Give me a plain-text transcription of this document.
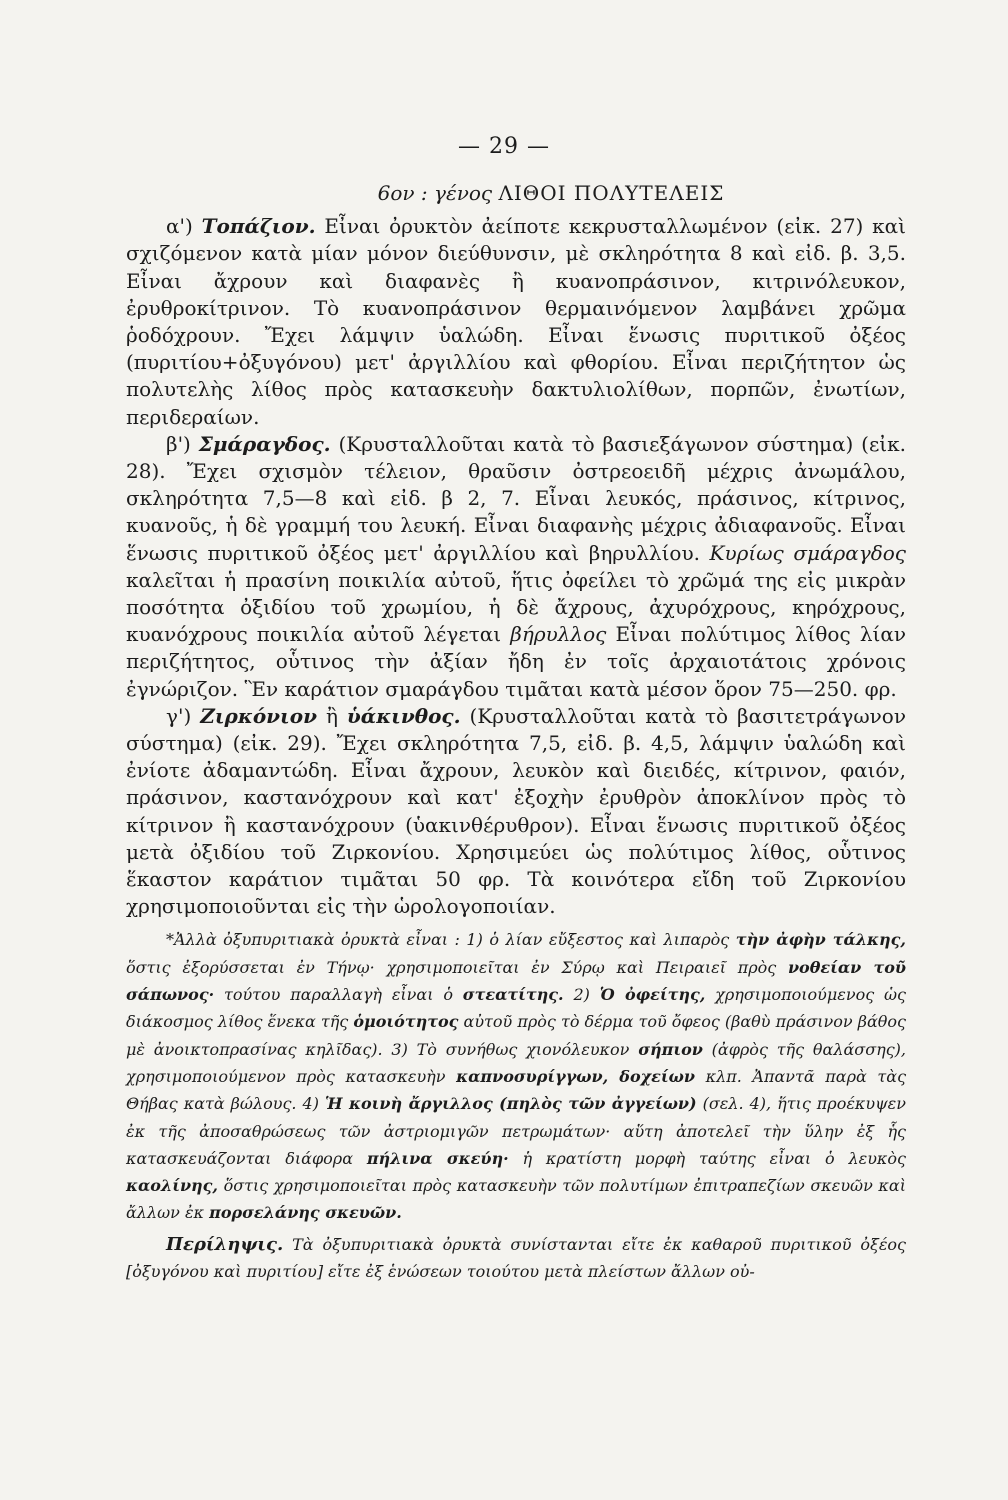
— 29 —
6ον : γένος ΛΙΘΟΙ ΠΟΛΥΤΕΛΕΙΣ

α') Τοπάζιον. Εἶναι ὀρυκτὸν ἀείποτε κεκρυσταλλωμένον (εἰκ. 27) καὶ σχιζόμενον κατὰ μίαν μόνον διεύθυνσιν, μὲ σκληρότητα 8 καὶ εἰδ. β. 3,5. Εἶναι ἄχρουν καὶ διαφανὲς ἢ κυανοπράσινον, κιτρινόλευκον, ἐρυθροκίτρινον. Τὸ κυανοπράσινον θερμαινόμενον λαμβάνει χρῶμα ῥοδόχρουν. Ἔχει λάμψιν ὑαλώδη. Εἶναι ἕνωσις πυριτικοῦ ὀξέος (πυριτίου+ὀξυγόνου) μετ' ἀργιλλίου καὶ φθορίου. Εἶναι περιζήτητον ὡς πολυτελὴς λίθος πρὸς κατασκευὴν δακτυλιολίθων, πορπῶν, ἐνωτίων, περιδεραίων.

β') Σμάραγδος. (Κρυσταλλοῦται κατὰ τὸ βασιεξάγωνον σύστημα) (εἰκ. 28). Ἔχει σχισμὸν τέλειον, θραῦσιν ὀστρεοειδῆ μέχρις ἀνωμάλου, σκληρότητα 7,5—8 καὶ εἰδ. β 2, 7. Εἶναι λευκός, πράσινος, κίτρινος, κυανοῦς, ἡ δὲ γραμμή του λευκή. Εἶναι διαφανὴς μέχρις ἀδιαφανοῦς. Εἶναι ἕνωσις πυριτικοῦ ὀξέος μετ' ἀργιλλίου καὶ βηρυλλίου. Κυρίως σμάραγδος καλεῖται ἡ πρασίνη ποικιλία αὐτοῦ, ἥτις ὀφείλει τὸ χρῶμά της εἰς μικρὰν ποσότητα ὀξιδίου τοῦ χρωμίου, ἡ δὲ ἄχρους, ἀχυρόχρους, κηρόχρους, κυανόχρους ποικιλία αὐτοῦ λέγεται βήρυλλος Εἶναι πολύτιμος λίθος λίαν περιζήτητος, οὗτινος τὴν ἀξίαν ἤδη ἐν τοῖς ἀρχαιοτάτοις χρόνοις ἐγνώριζον. Ἓν καράτιον σμαράγδου τιμᾶται κατὰ μέσον ὅρον 75—250. φρ.

γ') Ζιρκόνιον ἢ ὑάκινθος. (Κρυσταλλοῦται κατὰ τὸ βασιτετράγωνον σύστημα) (εἰκ. 29). Ἔχει σκληρότητα 7,5, εἰδ. β. 4,5, λάμψιν ὑαλώδη καὶ ἐνίοτε ἀδαμαντώδη. Εἶναι ἄχρουν, λευκὸν καὶ διειδές, κίτρινον, φαιόν, πράσινον, καστανόχρουν καὶ κατ' ἐξοχὴν ἐρυθρὸν ἀποκλίνον πρὸς τὸ κίτρινον ἢ καστανόχρουν (ὑακινθέρυθρον). Εἶναι ἕνωσις πυριτικοῦ ὀξέος μετὰ ὀξιδίου τοῦ Ζιρκονίου. Χρησιμεύει ὡς πολύτιμος λίθος, οὗτινος ἕκαστον καράτιον τιμᾶται 50 φρ. Τὰ κοινότερα εἴδη τοῦ Ζιρκονίου χρησιμοποιοῦνται εἰς τὴν ὡρολογοποιίαν.

*Ἀλλὰ ὀξυπυριτιακὰ ὀρυκτὰ εἶναι : 1) ὁ λίαν εὔξεστος καὶ λιπαρὸς τὴν ἀφὴν τάλκης, ὅστις ἐξορύσσεται ἐν Τήνῳ· χρησιμοποιεῖται ἐν Σύρῳ καὶ Πειραιεῖ πρὸς νοθείαν τοῦ σάπωνος· τούτου παραλλαγὴ εἶναι ὁ στεατίτης. 2) Ὁ ὀφείτης, χρησιμοποιούμενος ὡς διάκοσμος λίθος ἕνεκα τῆς ὁμοιότητος αὐτοῦ πρὸς τὸ δέρμα τοῦ ὄφεος (βαθὺ πράσινον βάθος μὲ ἀνοικτοπρασίνας κηλῖδας). 3) Τὸ συνήθως χιονόλευκον σήπιον (ἀφρὸς τῆς θαλάσσης), χρησιμοποιούμενον πρὸς κατασκευὴν καπνοσυρίγγων, δοχείων κλπ. Ἀπαντᾶ παρὰ τὰς Θήβας κατὰ βώλους. 4) Ἡ κοινὴ ἄργιλλος (πηλὸς τῶν ἀγγείων) (σελ. 4), ἥτις προέκυψεν ἐκ τῆς ἀποσαθρώσεως τῶν ἀστριομιγῶν πετρωμάτων· αὕτη ἀποτελεῖ τὴν ὕλην ἐξ ἧς κατασκευάζονται διάφορα πήλινα σκεύη· ἡ κρατίστη μορφὴ ταύτης εἶναι ὁ λευκὸς καολίνης, ὅστις χρησιμοποιεῖται πρὸς κατασκευὴν τῶν πολυτίμων ἐπιτραπεζίων σκευῶν καὶ ἄλλων ἐκ πορσελάνης σκευῶν.

Περίληψις. Τὰ ὀξυπυριτιακὰ ὀρυκτὰ συνίστανται εἴτε ἐκ καθαροῦ πυριτικοῦ ὀξέος [ὀξυγόνου καὶ πυριτίου] εἴτε ἐξ ἑνώσεων τοιούτου μετὰ πλείστων ἄλλων οὐ-
